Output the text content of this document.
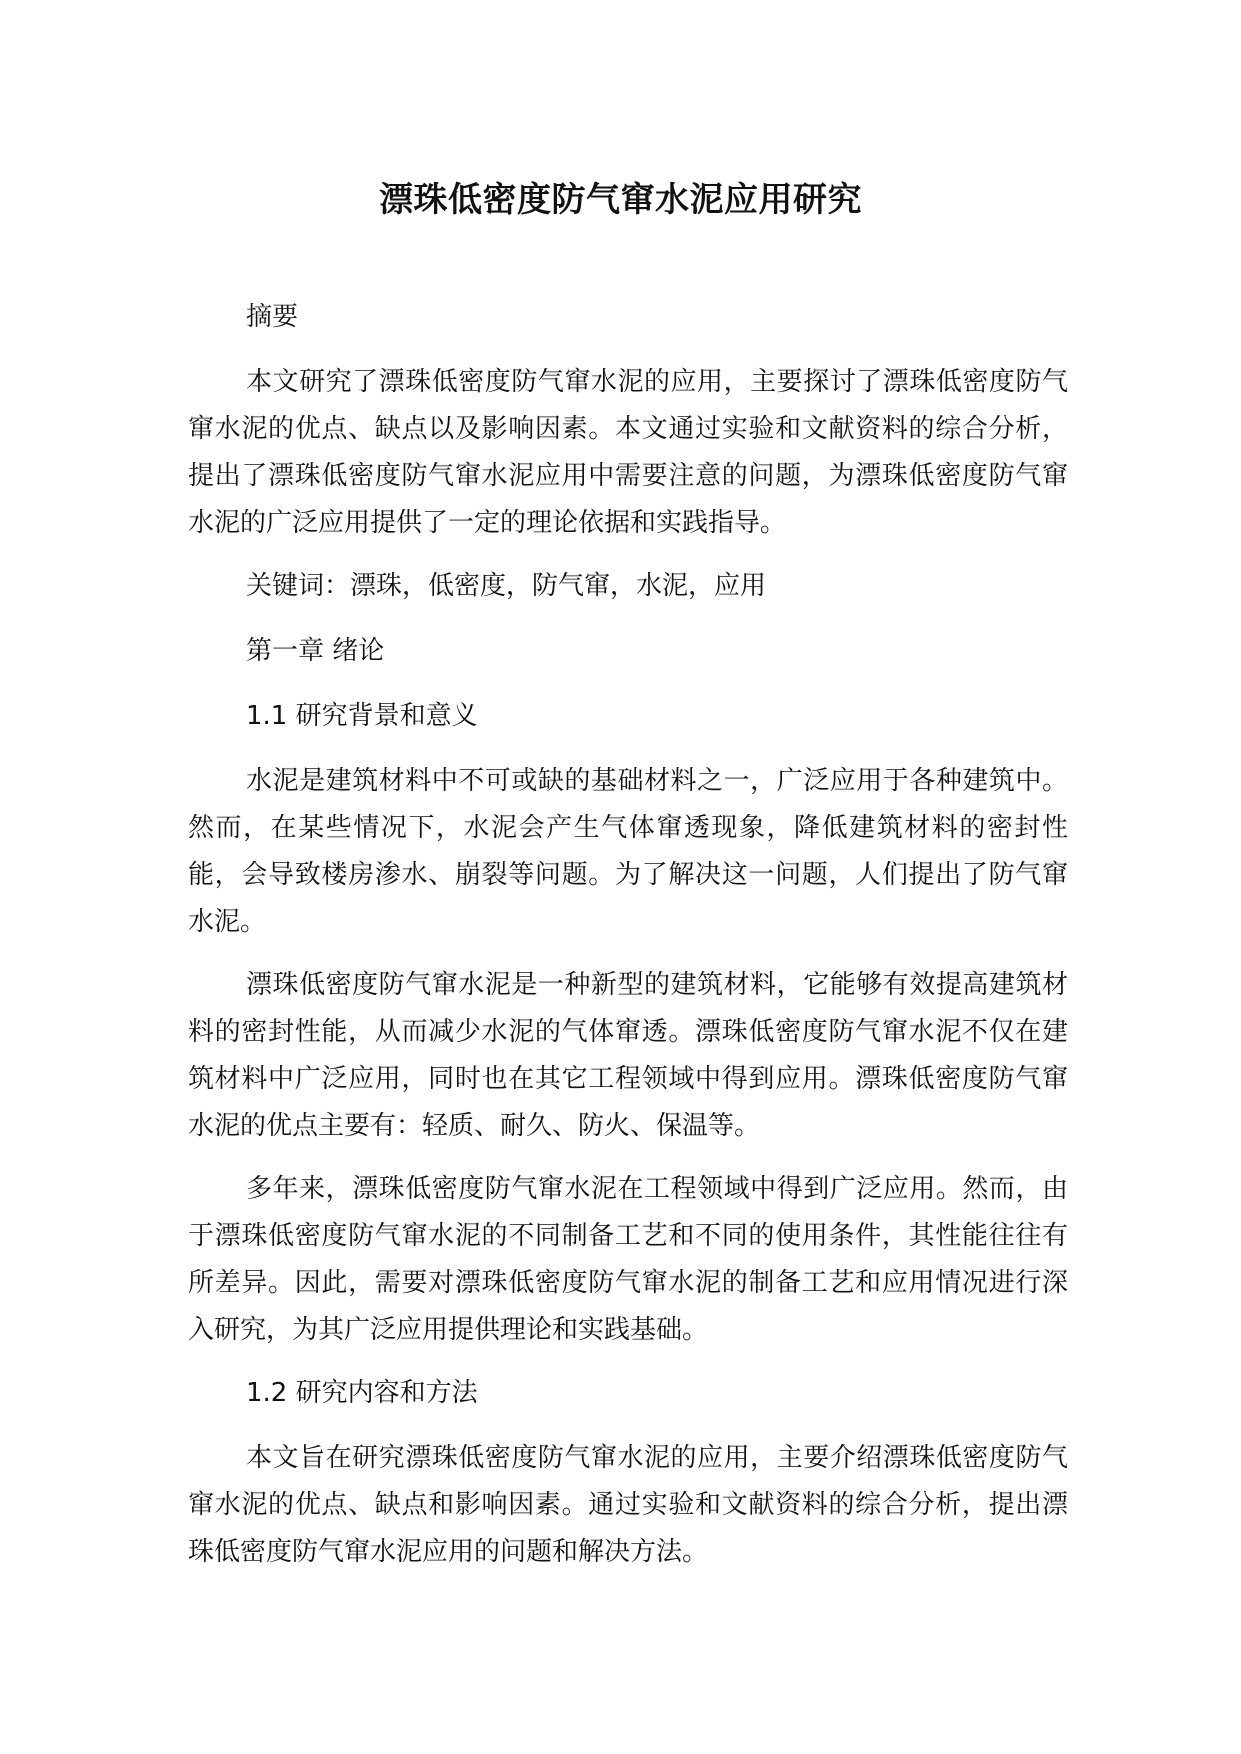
漂珠低密度防气窜水泥应用研究

摘要

本文研究了漂珠低密度防气窜水泥的应用，主要探讨了漂珠低密度防气窜水泥的优点、缺点以及影响因素。本文通过实验和文献资料的综合分析，提出了漂珠低密度防气窜水泥应用中需要注意的问题，为漂珠低密度防气窜水泥的广泛应用提供了一定的理论依据和实践指导。

关键词：漂珠，低密度，防气窜，水泥，应用

第一章 绪论

1.1 研究背景和意义

水泥是建筑材料中不可或缺的基础材料之一，广泛应用于各种建筑中。然而，在某些情况下，水泥会产生气体窜透现象，降低建筑材料的密封性能，会导致楼房渗水、崩裂等问题。为了解决这一问题，人们提出了防气窜水泥。

漂珠低密度防气窜水泥是一种新型的建筑材料，它能够有效提高建筑材料的密封性能，从而减少水泥的气体窜透。漂珠低密度防气窜水泥不仅在建筑材料中广泛应用，同时也在其它工程领域中得到应用。漂珠低密度防气窜水泥的优点主要有：轻质、耐久、防火、保温等。

多年来，漂珠低密度防气窜水泥在工程领域中得到广泛应用。然而，由于漂珠低密度防气窜水泥的不同制备工艺和不同的使用条件，其性能往往有所差异。因此，需要对漂珠低密度防气窜水泥的制备工艺和应用情况进行深入研究，为其广泛应用提供理论和实践基础。

1.2 研究内容和方法

本文旨在研究漂珠低密度防气窜水泥的应用，主要介绍漂珠低密度防气窜水泥的优点、缺点和影响因素。通过实验和文献资料的综合分析，提出漂珠低密度防气窜水泥应用的问题和解决方法。
